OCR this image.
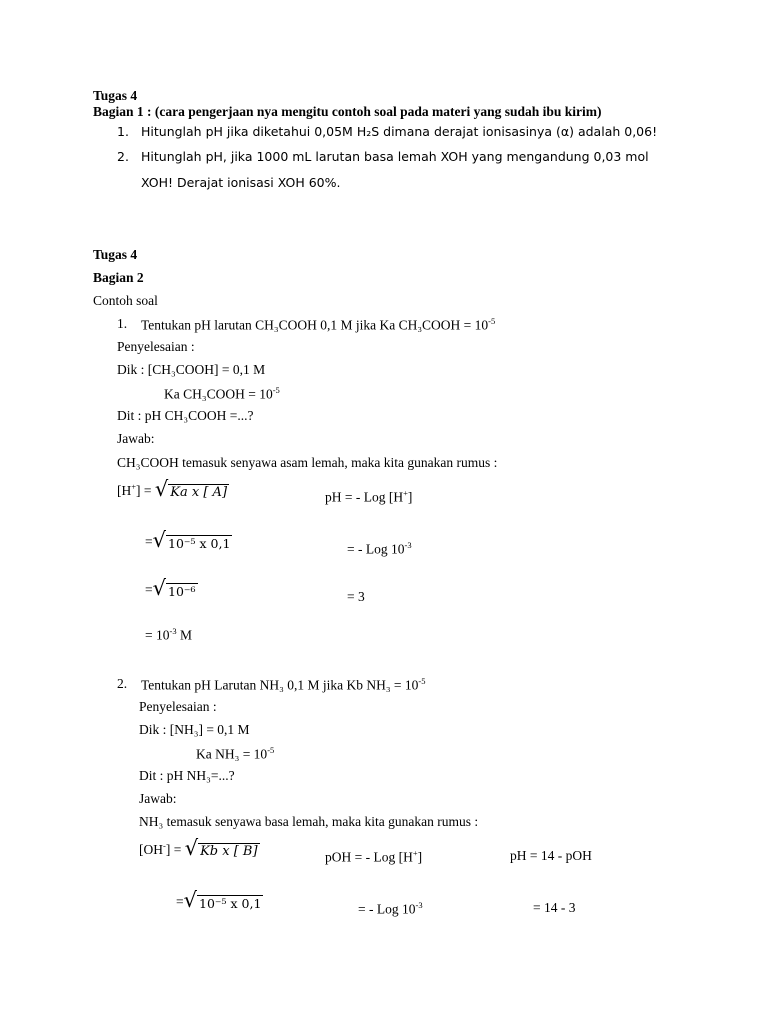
Tugas 4
Bagian 1 : (cara pengerjaan nya mengitu contoh soal pada materi yang sudah ibu kirim)
1. Hitunglah pH jika diketahui 0,05M H₂S dimana derajat ionisasinya (α) adalah 0,06!
2. Hitunglah pH, jika 1000 mL larutan basa lemah XOH yang mengandung 0,03 mol
XOH! Derajat ionisasi XOH 60%.
Tugas 4
Bagian 2
Contoh soal
1. Tentukan pH larutan CH₃COOH 0,1 M jika Ka CH₃COOH = $10^{-5}$
Penyelesaian :
Dik : [CH₃COOH] = 0,1 M
Ka CH₃COOH = $10^{-5}$
Dit : pH CH₃COOH =...?
Jawab:
CH₃COOH temasuk senyawa asam lemah, maka kita gunakan rumus :
[H+] = √ Ka x [ A]	pH = - Log [H+]
= √ 10⁻⁵ x 0,1	= - Log $10^{-3}$
= √ 10⁻⁶	= 3
= $10^{-3}$ M
2. Tentukan pH Larutan NH₃ 0,1 M jika Kb $NH_3 = 10^{-5}$
Penyelesaian :
Dik : [NH₃] = 0,1 M
Ka $NH_3 = 10^{-5}$
Dit : pH NH₃=...?
Jawab:
NH₃ temasuk senyawa basa lemah, maka kita gunakan rumus :
[OH-] = √ Kb x [ B]	pOH = - Log [H+]	pH = 14 - pOH
= √ 10⁻⁵ x 0,1	= - Log $10^{-3}$	= 14 - 3
